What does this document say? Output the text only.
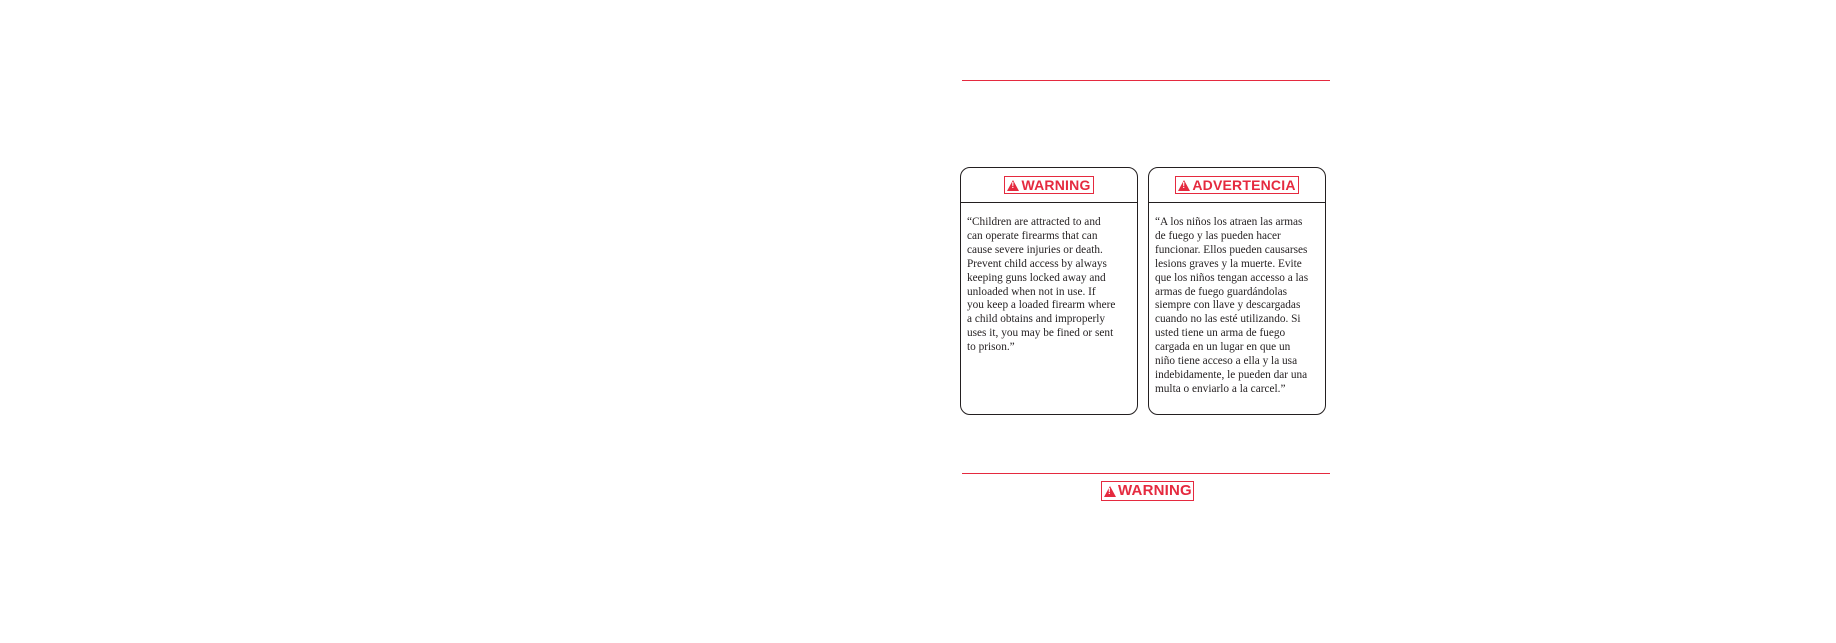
!
WARNING
“Children are attracted to and
can operate firearms that can
cause severe injuries or death.
Prevent child access by always
keeping guns locked away and
unloaded when not in use. If
you keep a loaded firearm where
a child obtains and improperly
uses it, you may be fined or sent
to prison.”
!
ADVERTENCIA
“A los niños los atraen las armas
de fuego y las pueden hacer
funcionar. Ellos pueden causarses
lesions graves y la muerte. Evite
que los niños tengan accesso a las
armas de fuego guardándolas
siempre con llave y descargadas
cuando no las esté utilizando. Si
usted tiene un arma de fuego
cargada en un lugar en que un
niño tiene acceso a ella y la usa
indebidamente, le pueden dar una
multa o enviarlo a la carcel.”
!
WARNING
